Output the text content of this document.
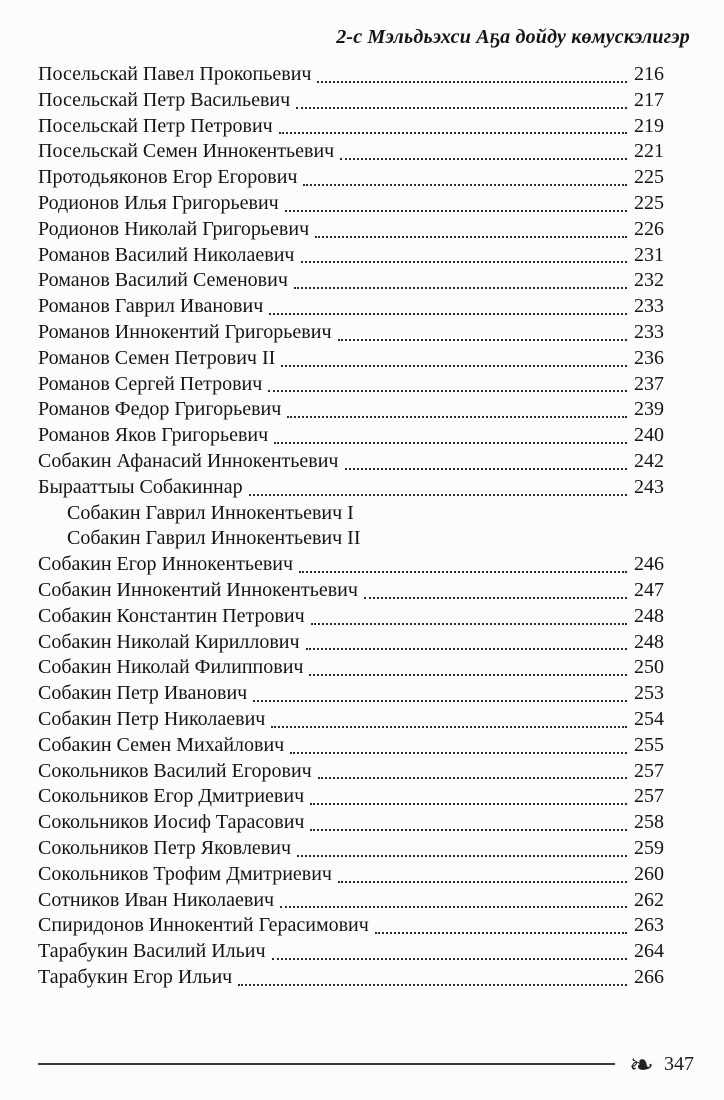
2-с Мэльдьэхси Аҕа дойду көмускэлигэр
Посельскай Павел Прокопьевич	216
Посельскай Петр Васильевич	217
Посельскай Петр Петрович	219
Посельскай Семен Иннокентьевич	221
Протодьяконов Егор Егорович	225
Родионов Илья Григорьевич	225
Родионов Николай Григорьевич	226
Романов Василий Николаевич	231
Романов Василий Семенович	232
Романов Гаврил Иванович	233
Романов Иннокентий Григорьевич	233
Романов Семен Петрович II	236
Романов Сергей Петрович	237
Романов Федор Григорьевич	239
Романов Яков Григорьевич	240
Собакин Афанасий Иннокентьевич	242
Бырааттыы Собакиннар	243
Собакин Гаврил Иннокентьевич I
Собакин Гаврил Иннокентьевич II
Собакин Егор Иннокентьевич	246
Собакин Иннокентий Иннокентьевич	247
Собакин Константин Петрович	248
Собакин Николай Кириллович	248
Собакин Николай Филиппович	250
Собакин Петр Иванович	253
Собакин Петр Николаевич	254
Собакин Семен Михайлович	255
Сокольников Василий Егорович	257
Сокольников Егор Дмитриевич	257
Сокольников Иосиф Тарасович	258
Сокольников Петр Яковлевич	259
Сокольников Трофим Дмитриевич	260
Сотников Иван Николаевич	262
Спиридонов Иннокентий Герасимович	263
Тарабукин Василий Ильич	264
Тарабукин Егор Ильич	266
❧ 347
